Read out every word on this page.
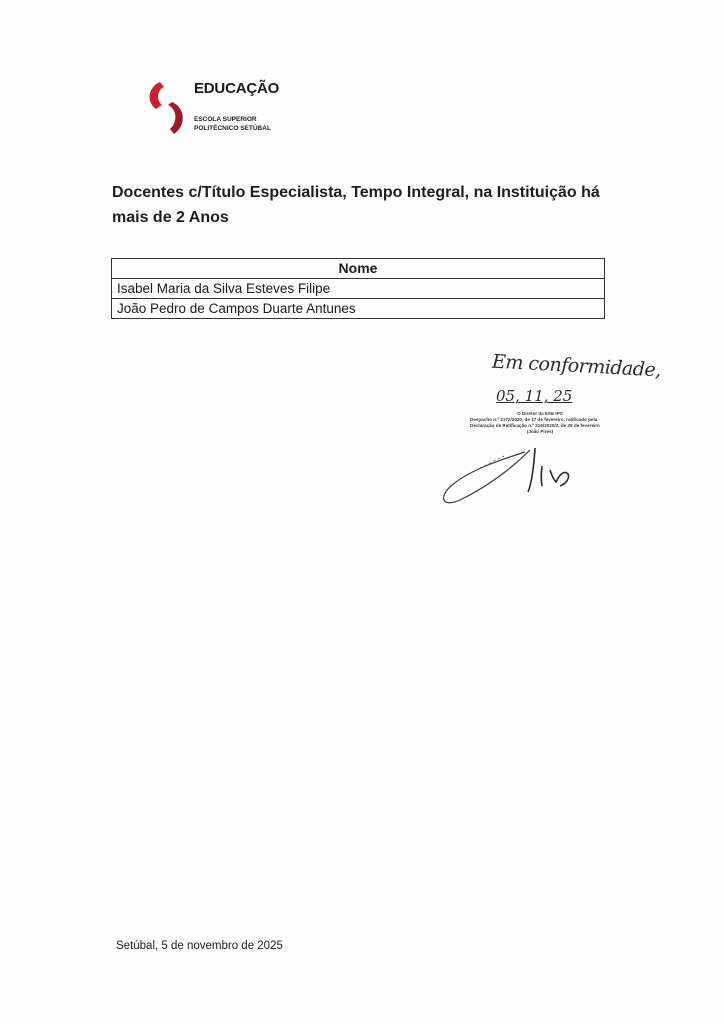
EDUCAÇÃO
ESCOLA SUPERIOR
POLITÉCNICO SETÚBAL
Docentes c/Título Especialista, Tempo Integral, na Instituição há mais de 2 Anos
Nome
Isabel Maria da Silva Esteves Filipe
João Pedro de Campos Duarte Antunes
Em conformidade,
05, 11, 25
O Diretor da ESE IPS
Despacho n.º 2172/2020, de 17 de fevereiro, ratificado pela
Declaração de Retificação n.º 216/2020/2, de 28 de fevereiro
(João Pires)
Setúbal, 5 de novembro de 2025
